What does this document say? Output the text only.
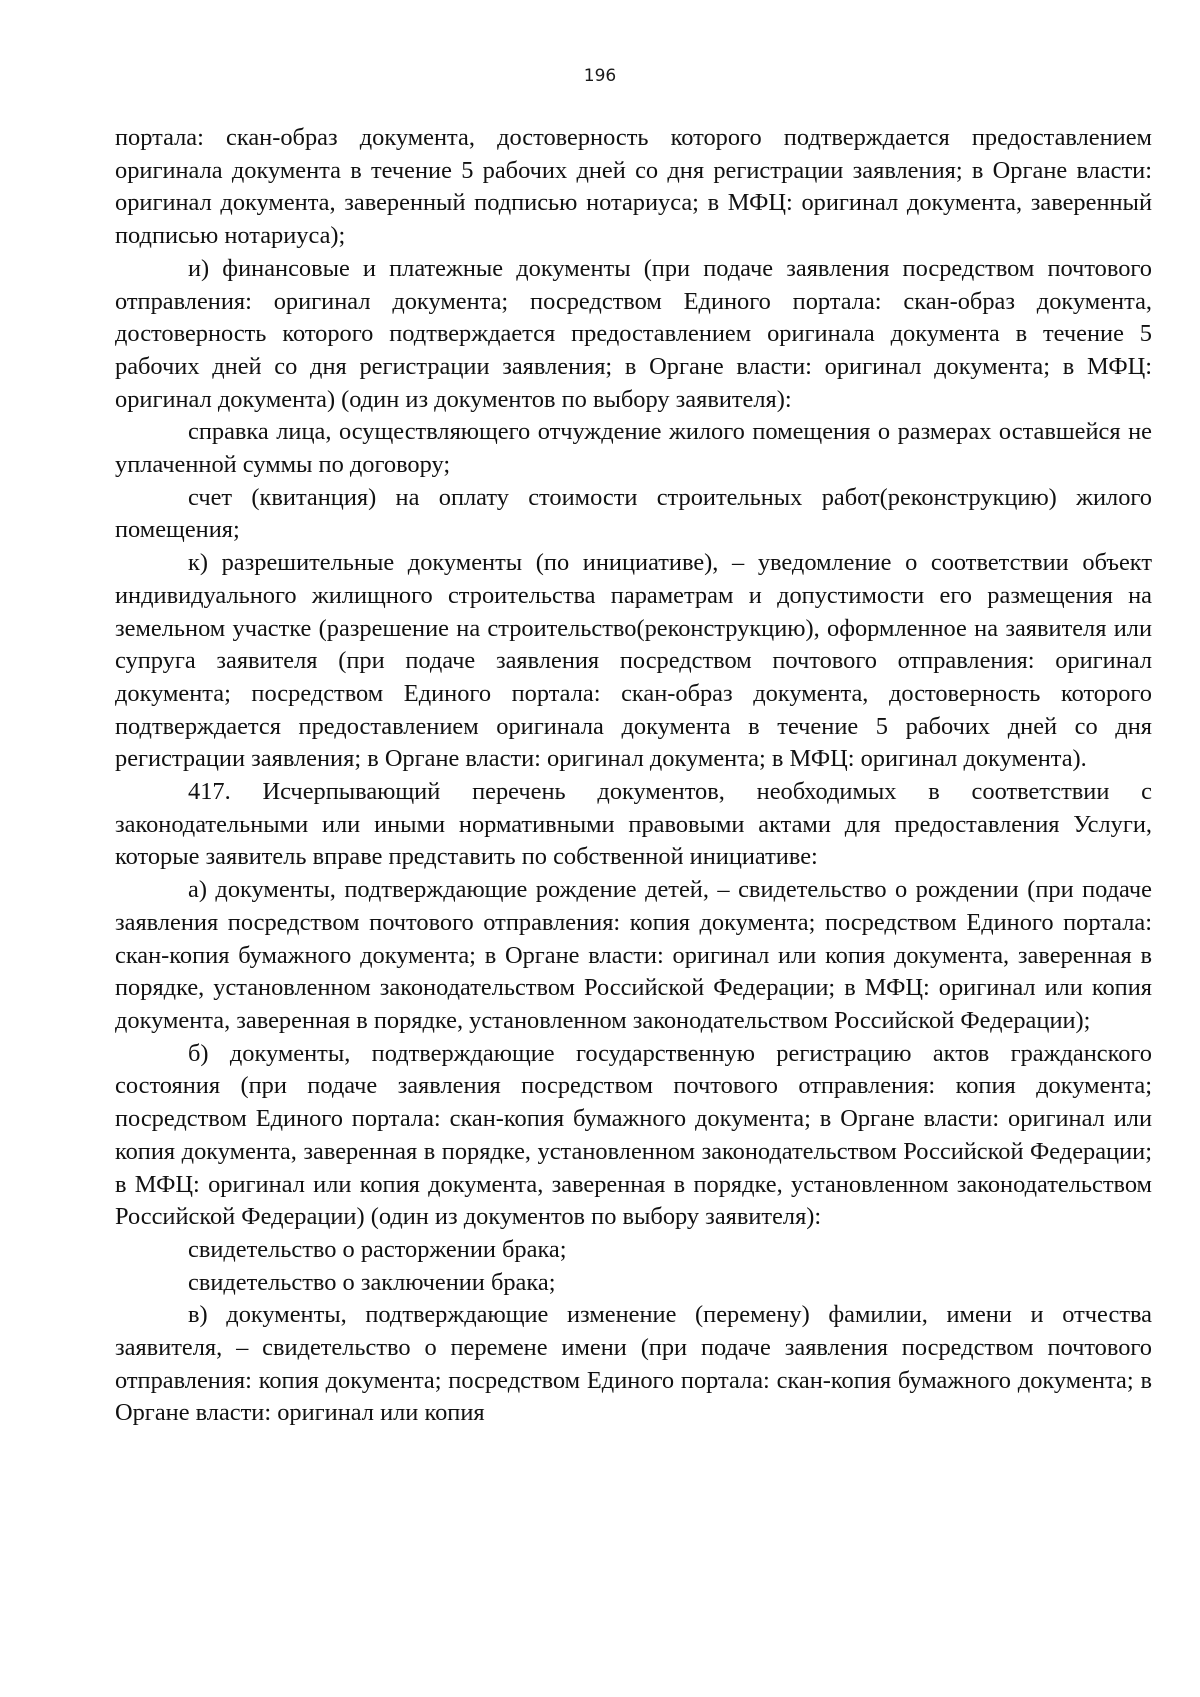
196

портала: скан-образ документа, достоверность которого подтверждается предоставлением оригинала документа в течение 5 рабочих дней со дня регистрации заявления; в Органе власти: оригинал документа, заверенный подписью нотариуса; в МФЦ: оригинал документа, заверенный подписью нотариуса);

и) финансовые и платежные документы (при подаче заявления посредством почтового отправления: оригинал документа; посредством Единого портала: скан-образ документа, достоверность которого подтверждается предоставлением оригинала документа в течение 5 рабочих дней со дня регистрации заявления; в Органе власти: оригинал документа; в МФЦ: оригинал документа) (один из документов по выбору заявителя):

справка лица, осуществляющего отчуждение жилого помещения о размерах оставшейся не уплаченной суммы по договору;

счет (квитанция) на оплату стоимости строительных работ(реконструкцию) жилого помещения;

к) разрешительные документы (по инициативе), – уведомление о соответствии объект индивидуального жилищного строительства параметрам и допустимости его размещения на земельном участке (разрешение на строительство(реконструкцию), оформленное на заявителя или супруга заявителя (при подаче заявления посредством почтового отправления: оригинал документа; посредством Единого портала: скан-образ документа, достоверность которого подтверждается предоставлением оригинала документа в течение 5 рабочих дней со дня регистрации заявления; в Органе власти: оригинал документа; в МФЦ: оригинал документа).

417. Исчерпывающий перечень документов, необходимых в соответствии с законодательными или иными нормативными правовыми актами для предоставления Услуги, которые заявитель вправе представить по собственной инициативе:

а) документы, подтверждающие рождение детей, – свидетельство о рождении (при подаче заявления посредством почтового отправления: копия документа; посредством Единого портала: скан-копия бумажного документа; в Органе власти: оригинал или копия документа, заверенная в порядке, установленном законодательством Российской Федерации; в МФЦ: оригинал или копия документа, заверенная в порядке, установленном законодательством Российской Федерации);

б) документы, подтверждающие государственную регистрацию актов гражданского состояния (при подаче заявления посредством почтового отправления: копия документа; посредством Единого портала: скан-копия бумажного документа; в Органе власти: оригинал или копия документа, заверенная в порядке, установленном законодательством Российской Федерации; в МФЦ: оригинал или копия документа, заверенная в порядке, установленном законодательством Российской Федерации) (один из документов по выбору заявителя):

свидетельство о расторжении брака;

свидетельство о заключении брака;

в) документы, подтверждающие изменение (перемену) фамилии, имени и отчества заявителя, – свидетельство о перемене имени (при подаче заявления посредством почтового отправления: копия документа; посредством Единого портала: скан-копия бумажного документа; в Органе власти: оригинал или копия
